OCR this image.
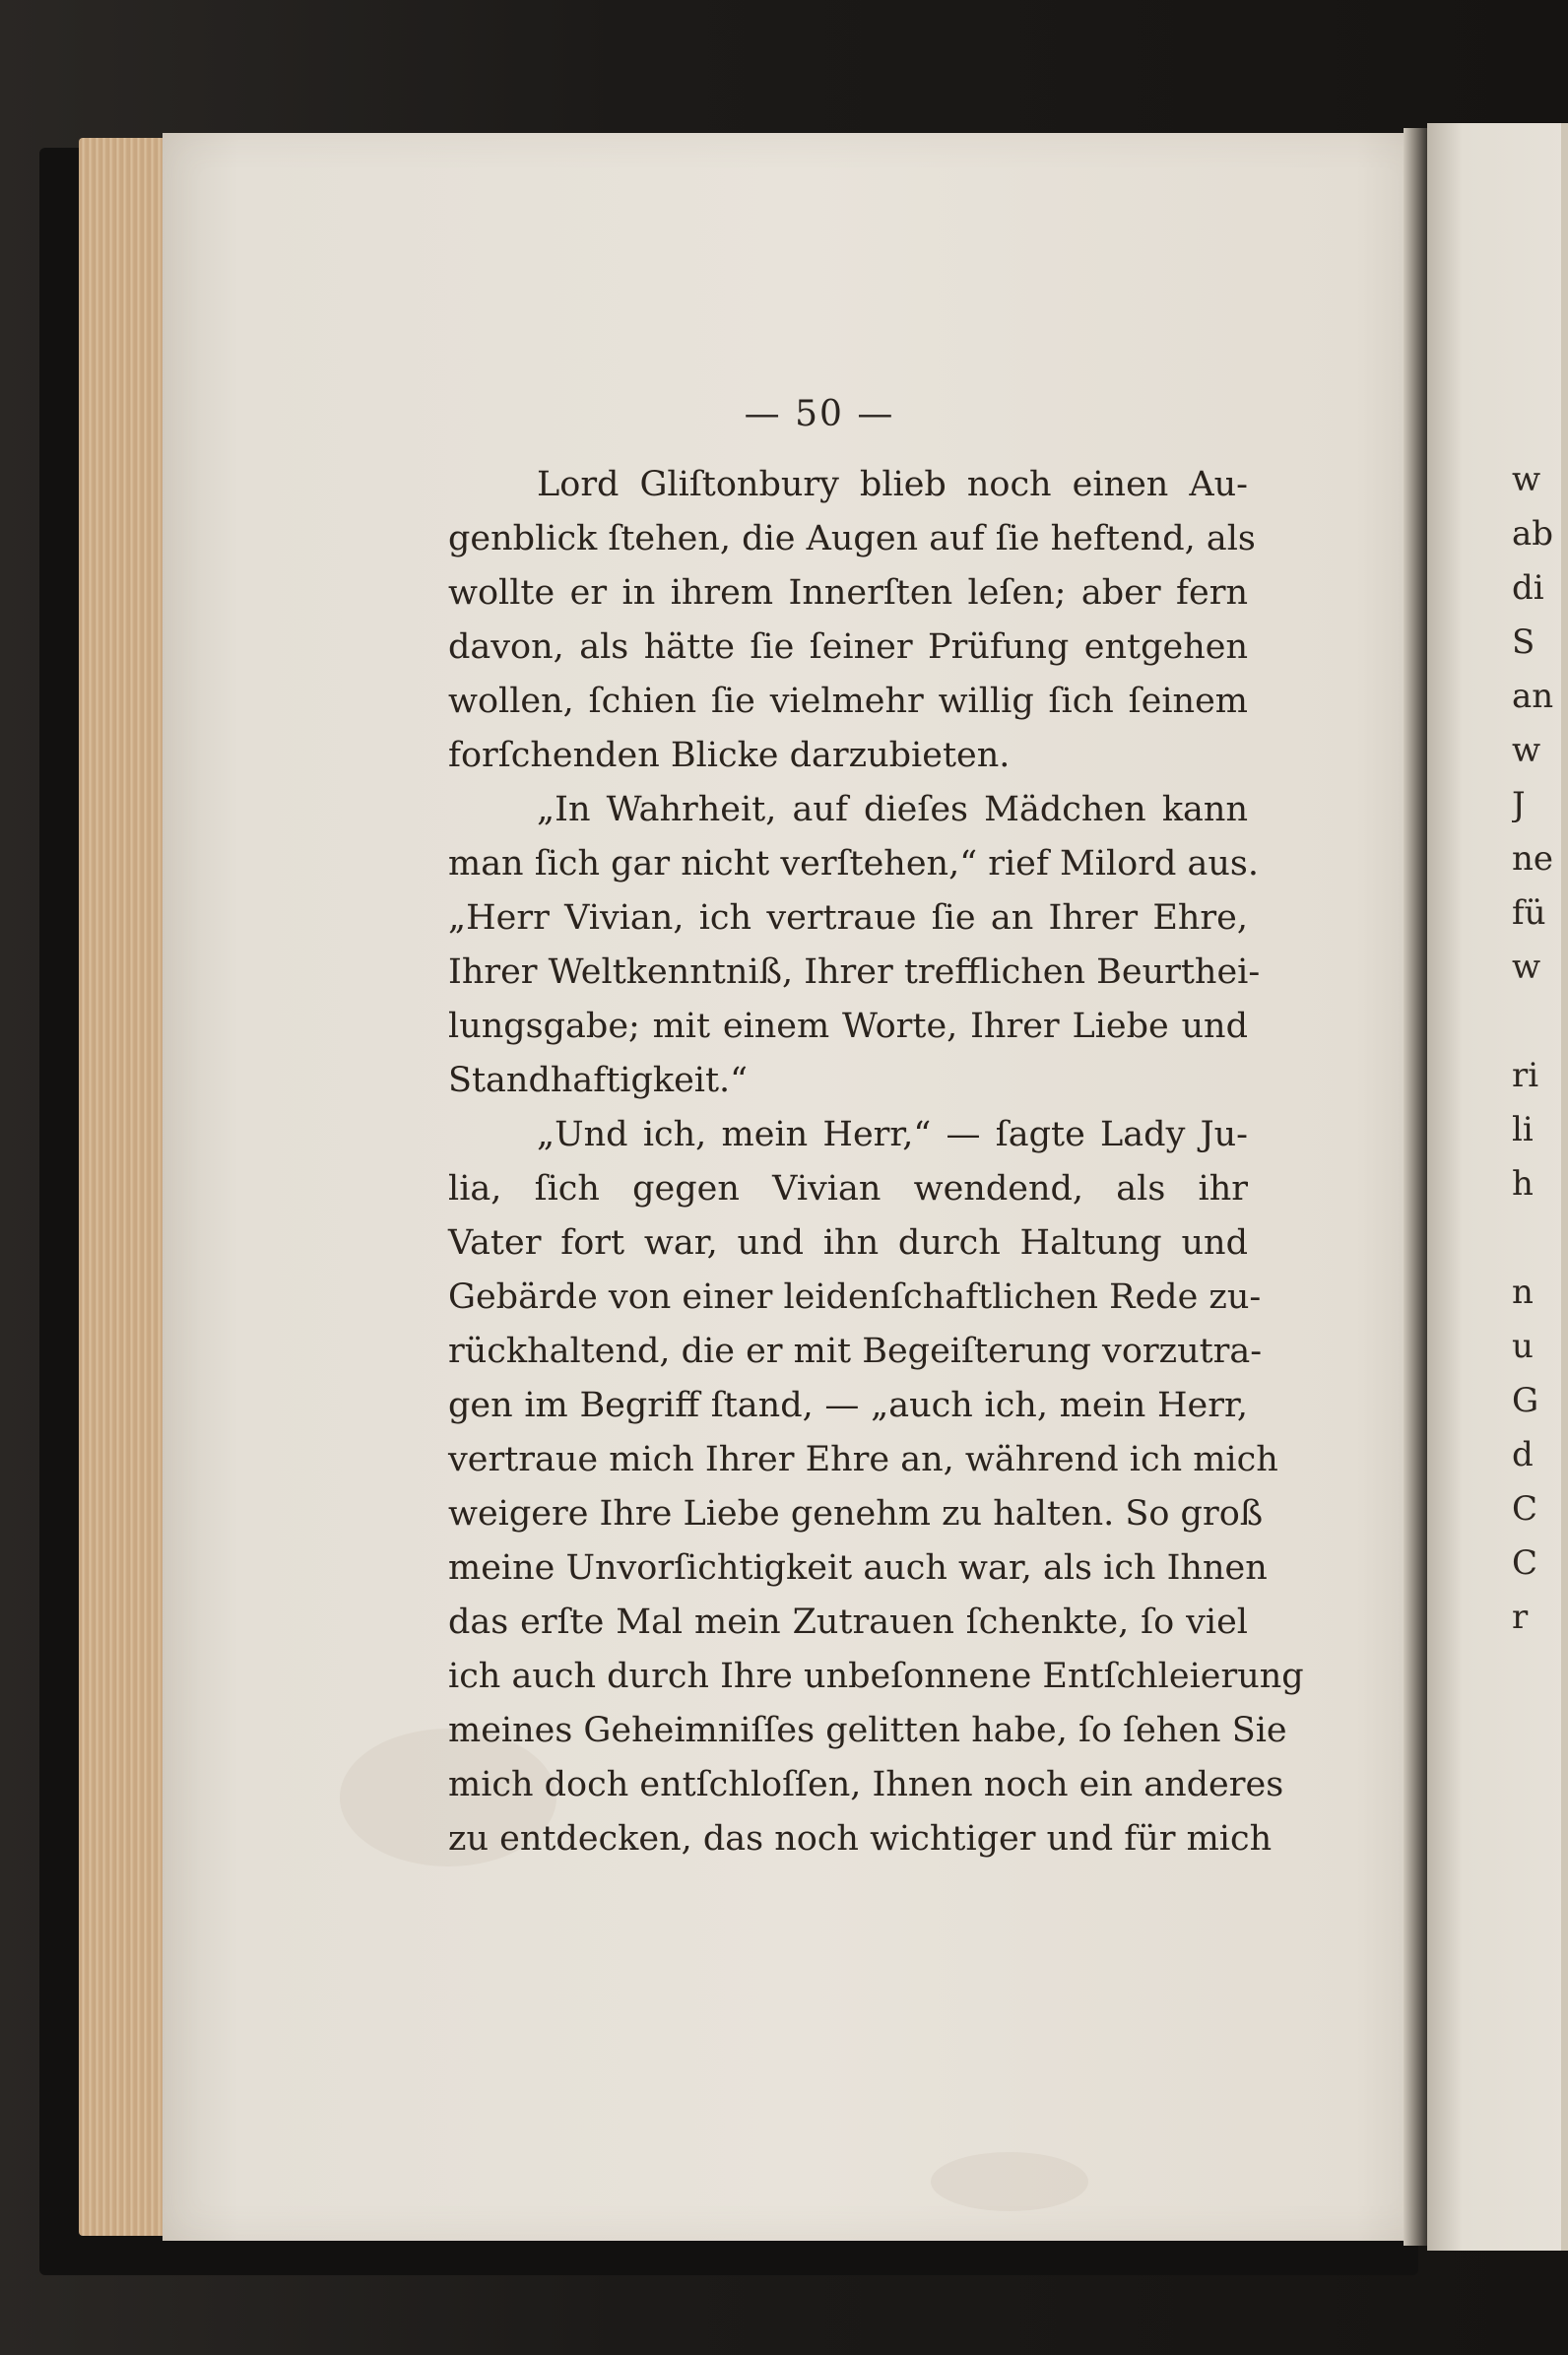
— 50 —
Lord Gliſtonbury blieb noch einen Au-
genblick ſtehen, die Augen auf ſie heftend, als
wollte er in ihrem Innerſten leſen; aber fern
davon, als hätte ſie ſeiner Prüfung entgehen
wollen, ſchien ſie vielmehr willig ſich ſeinem
forſchenden Blicke darzubieten.
„In Wahrheit, auf dieſes Mädchen kann
man ſich gar nicht verſtehen,“ rief Milord aus.
„Herr Vivian, ich vertraue ſie an Ihrer Ehre,
Ihrer Weltkenntniß, Ihrer trefflichen Beurthei-
lungsgabe; mit einem Worte, Ihrer Liebe und
Standhaftigkeit.“
„Und ich, mein Herr,“ — ſagte Lady Ju-
lia, ſich gegen Vivian wendend, als ihr
Vater fort war, und ihn durch Haltung und
Gebärde von einer leidenſchaftlichen Rede zu-
rückhaltend, die er mit Begeiſterung vorzutra-
gen im Begriff ſtand, — „auch ich, mein Herr,
vertraue mich Ihrer Ehre an, während ich mich
weigere Ihre Liebe genehm zu halten. So groß
meine Unvorſichtigkeit auch war, als ich Ihnen
das erſte Mal mein Zutrauen ſchenkte, ſo viel
ich auch durch Ihre unbeſonnene Entſchleierung
meines Geheimniſſes gelitten habe, ſo ſehen Sie
mich doch entſchloſſen, Ihnen noch ein anderes
zu entdecken, das noch wichtiger und für mich
w
ab
di
S
an
w
J
ne
fü
w
ri
li
h
n
u
G
d
C
C
r
